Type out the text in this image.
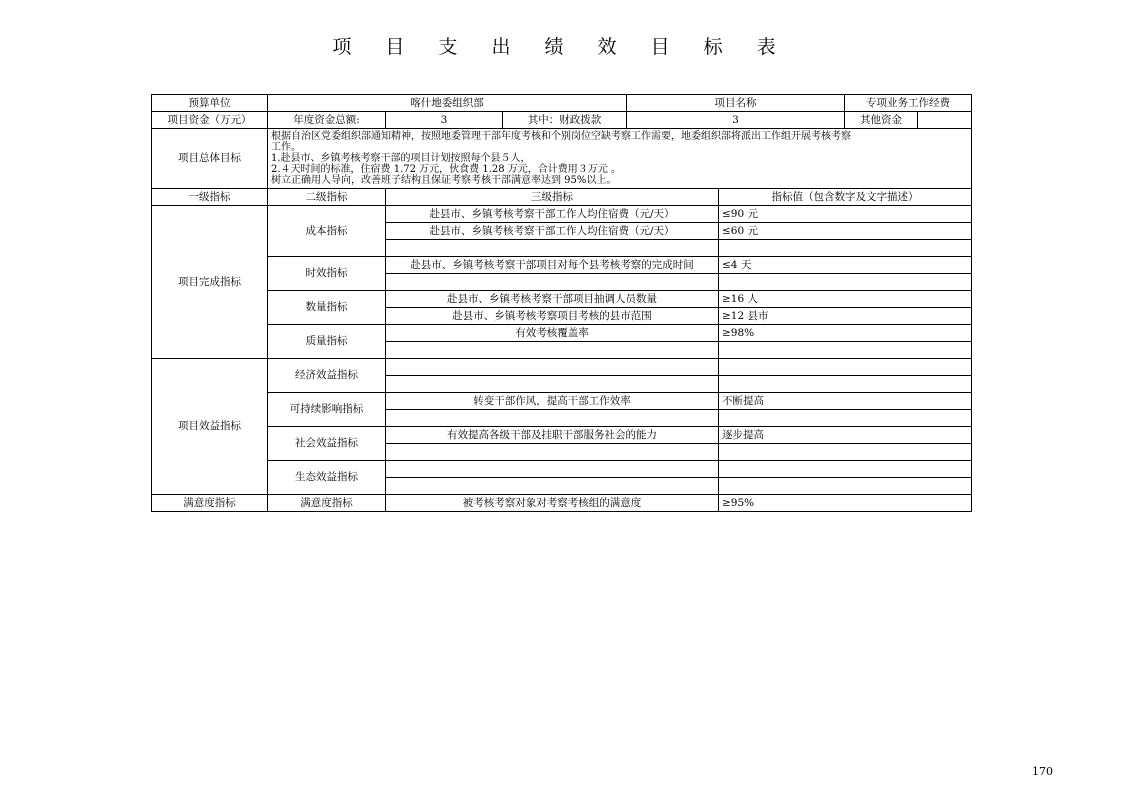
项 目 支 出 绩 效 目 标 表
预算单位	喀什地委组织部			项目名称		专项业务工作经费	
项目资金（万元）	年度资金总额:	3	其中：财政拨款	3		其他资金	
项目总体目标	根据自治区党委组织部通知精神，按照地委管理干部年度考核和个别岗位空缺考察工作需要，地委组织部将派出工作组开展考核考察
工作。
1.赴县市、乡镇考核考察干部的项目计划按照每个县５人，
2.４天时间的标准，住宿费 1.72 万元，伙食费 1.28 万元，合计费用３万元 。
树立正确用人导向，改善班子结构且保证考察考核干部满意率达到 95%以上。						

一级指标	二级指标	三级指标			指标值（包含数字及文字描述）		
项目完成指标	成本指标	赴县市、乡镇考核考察干部工作人均住宿费（元/天）			≤90 元		
		赴县市、乡镇考核考察干部工作人均住宿费（元/天）			≤60 元		

	时效指标	赴县市、乡镇考核考察干部项目对每个县考核考察的完成时间			≤4 天		

	数量指标	赴县市、乡镇考核考察干部项目抽调人员数量			≥16 人		
		赴县市、乡镇考核考察项目考核的县市范围			≥12 县市		
	质量指标	有效考核覆盖率			≥98%		

项目效益指标	经济效益指标						

	可持续影响指标	转变干部作风，提高干部工作效率			不断提高		

	社会效益指标	有效提高各级干部及挂职干部服务社会的能力			逐步提高		

	生态效益指标						

满意度指标	满意度指标	被考核考察对象对考察考核组的满意度			≥95%		
170
